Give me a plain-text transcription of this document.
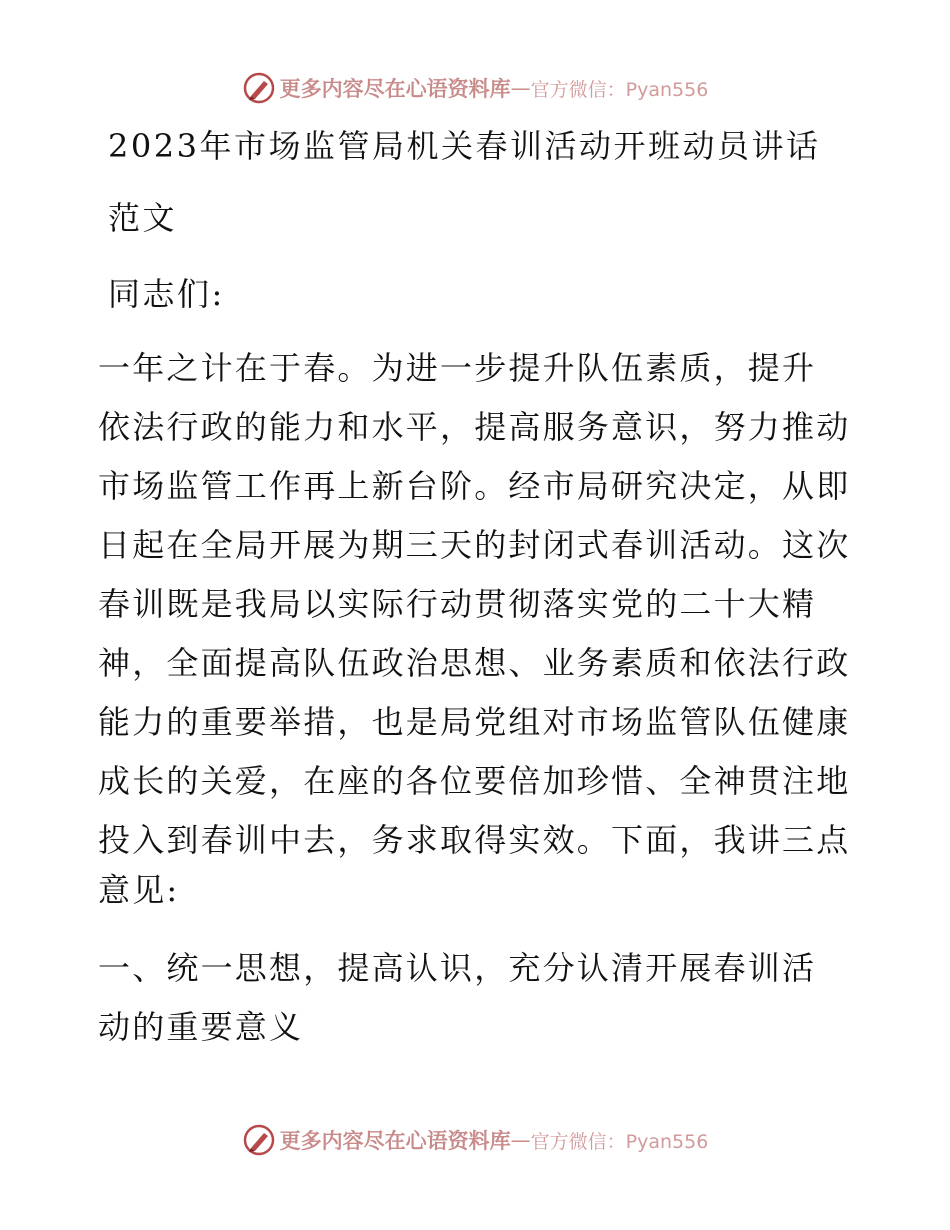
更多内容尽在心语资料库 — 官方微信：Pyan556
2023年市场监管局机关春训活动开班动员讲话
范文
同志们:
一年之计在于春。为进一步提升队伍素质，提升
依法行政的能力和水平，提高服务意识，努力推动
市场监管工作再上新台阶。经市局研究决定，从即
日起在全局开展为期三天的封闭式春训活动。这次
春训既是我局以实际行动贯彻落实党的二十大精
神，全面提高队伍政治思想、业务素质和依法行政
能力的重要举措，也是局党组对市场监管队伍健康
成长的关爱，在座的各位要倍加珍惜、全神贯注地
投入到春训中去，务求取得实效。下面，我讲三点
意见:
一、统一思想，提高认识，充分认清开展春训活
动的重要意义
更多内容尽在心语资料库 — 官方微信：Pyan556
